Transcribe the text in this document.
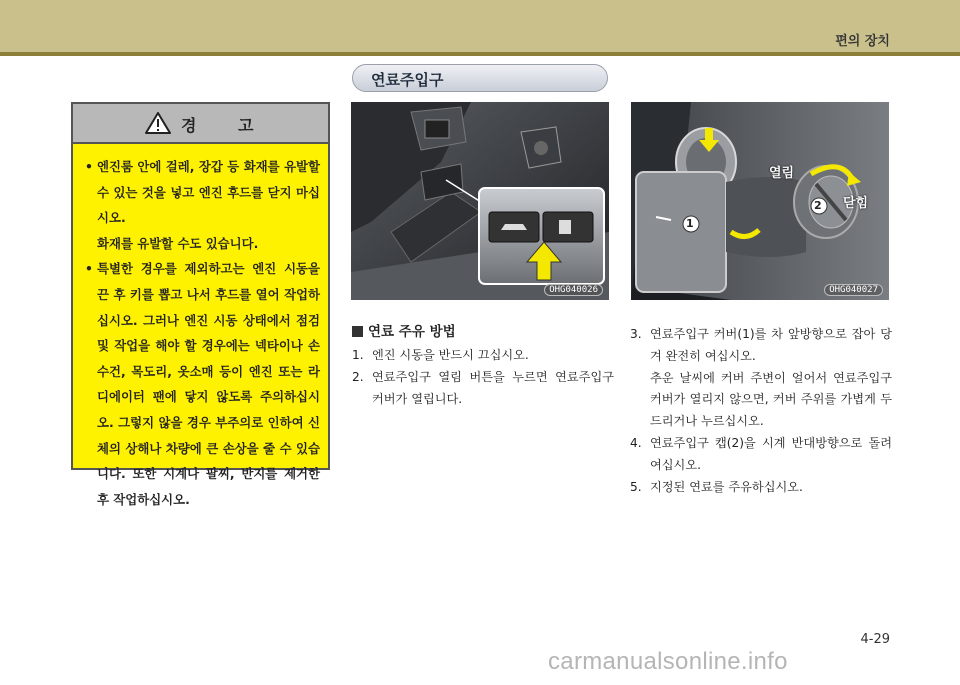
편의 장치
연료주입구
경 고

• 엔진룸 안에 걸레, 장갑 등 화재를 유발할 수 있는 것을 넣고 엔진 후드를 닫지 마십시오.

화재를 유발할 수도 있습니다.

• 특별한 경우를 제외하고는 엔진 시동을 끈 후 키를 뽑고 나서 후드를 열어 작업하십시오. 그러나 엔진 시동 상태에서 점검 및 작업을 해야 할 경우에는 넥타이나 손수건, 목도리, 옷소매 등이 엔진 또는 라디에이터 팬에 닿지 않도록 주의하십시오. 그렇지 않을 경우 부주의로 인하여 신체의 상해나 차량에 큰 손상을 줄 수 있습니다. 또한 시계나 팔찌, 반지를 제거한 후 작업하십시오.

OHG040026
1
2
열림
닫힘
OHG040027
연료 주유 방법
1. 엔진 시동을 반드시 끄십시오.
2. 연료주입구 열림 버튼을 누르면 연료주입구 커버가 열립니다.
3. 연료주입구 커버(1)를 차 앞방향으로 잡아 당겨 완전히 여십시오.
추운 날씨에 커버 주변이 얼어서 연료주입구 커버가 열리지 않으면, 커버 주위를 가볍게 두드리거나 누르십시오.
4. 연료주입구 캡(2)을 시계 반대방향으로 돌려 여십시오.
5. 지정된 연료를 주유하십시오.
4-29
carmanualsonline.info
